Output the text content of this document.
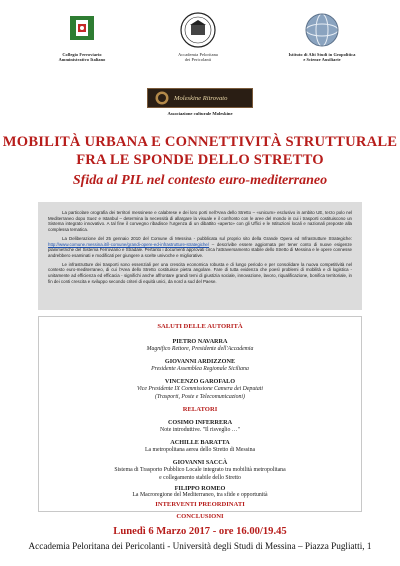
Collegio Ferroviario
Amministrativo Italiano
Accademia Peloritana
dei Pericolanti
Istituto di Alti Studi in Geopolitica
e Scienze Ausiliarie
Moleskine Ritrovato
Associazione culturale Moleskine
MOBILITÀ URBANA E CONNETTIVITÀ STRUTTURALE
FRA LE SPONDE DELLO STRETTO
Sfida al PIL nel contesto euro-mediterraneo

La particolare orografia dei territori messinese e calabrese e dei loro porti nell'Area dello Stretto – «unicum» esclusivo in ambito UE, terzo polo nel Mediterraneo dopo Suez e Istanbul – determina la necessità di allargare la visuale e il confronto con le aree del mondo in cui i trasporti costituiscono un Sistema integrato innovativo. A tal fine il convegno ribadisce l'urgenza di un dibattito «aperto» con gli Uffici e le Istituzioni locali e nazionali preposte alla complessa tematica.

La Deliberazione del 25 gennaio 2010 del Comune di Messina - pubblicata sul proprio sito della Grande Opera ed Infrastrutture Strategiche: http://www.comune.messina.it/il-comune/grandi-opere-ed-infrastrutture-strategiche/ – descrivibe essere aggiornata per tener conto di nuove esigenze planimetriche del Sistema Ferroviario e Stradale. Pertanto i documenti approvati circa l'attraversamento stabile dello Stretto di Messina e le opere connesse andrebbero esaminati e modificati per giungere a scelte univoche e migliorative.

Le infrastrutture dei trasporti sono essenziali per una crescita economica robusta e di lungo periodo e per consolidare la nuova competitività nel contesto euro-mediterraneo, di cui l'Area dello Stretto costituisce pietra angolare. Fare di tutta evidenza che poesì problemi di mobilità e di logistica - unitamente ad efficienza ed efficacia - significhi anche affrontare grandi temi di giustizia sociale, innovazione, lavoro, riqualificazione, bonifica territoriale, in fin dei conti crescita e sviluppo secondo criteri di equità unici, da nord a sud del Paese.

SALUTI DELLE AUTORITÀ
PIETRO NAVARRA
Magnifico Rettore, Presidente dell'Accademia
GIOVANNI ARDIZZONE
Presidente Assemblea Regionale Siciliana
VINCENZO GAROFALO
Vice Presidente IX Commissione Camera dei Deputati
(Trasporti, Poste e Telecomunicazioni)
RELATORI
COSIMO INFERRERA
Note introduttive. "Il risveglio …"
ACHILLE BARATTA
La metropolitana aerea dello Stretto di Messina
GIOVANNI SACCÀ
Sistema di Trasporto Pubblico Locale integrato tra mobilità metropolitana
e collegamento stabile dello Stretto
FILIPPO ROMEO
La Macroregione del Mediterraneo, tra sfide e opportunità
INTERVENTI PREORDINATI
CONCLUSIONI
Lunedì 6 Marzo 2017 - ore 16.00/19.45
Accademia Peloritana dei Pericolanti - Università degli Studi di Messina – Piazza Pugliatti, 1
